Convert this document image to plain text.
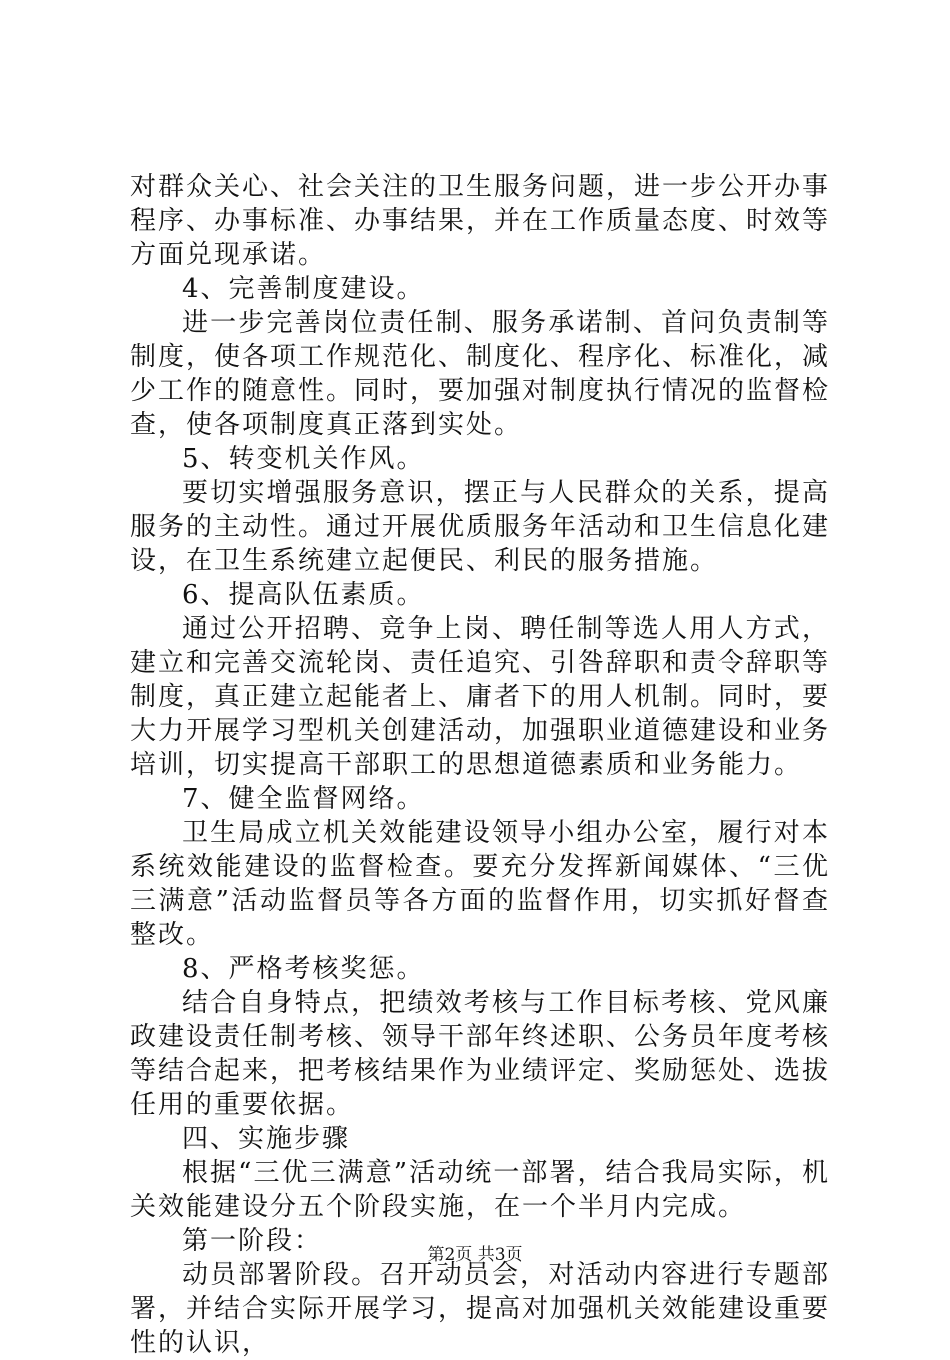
对群众关心、社会关注的卫生服务问题，进一步公开办事程序、办事标准、办事结果，并在工作质量态度、时效等方面兑现承诺。

4、完善制度建设。

进一步完善岗位责任制、服务承诺制、首问负责制等制度，使各项工作规范化、制度化、程序化、标准化，减少工作的随意性。同时，要加强对制度执行情况的监督检查，使各项制度真正落到实处。

5、转变机关作风。

要切实增强服务意识，摆正与人民群众的关系，提高服务的主动性。通过开展优质服务年活动和卫生信息化建设，在卫生系统建立起便民、利民的服务措施。

6、提高队伍素质。

通过公开招聘、竞争上岗、聘任制等选人用人方式，建立和完善交流轮岗、责任追究、引咎辞职和责令辞职等制度，真正建立起能者上、庸者下的用人机制。同时，要大力开展学习型机关创建活动，加强职业道德建设和业务培训，切实提高干部职工的思想道德素质和业务能力。

7、健全监督网络。

卫生局成立机关效能建设领导小组办公室，履行对本系统效能建设的监督检查。要充分发挥新闻媒体、“三优三满意”活动监督员等各方面的监督作用，切实抓好督查整改。

8、严格考核奖惩。

结合自身特点，把绩效考核与工作目标考核、党风廉政建设责任制考核、领导干部年终述职、公务员年度考核等结合起来，把考核结果作为业绩评定、奖励惩处、选拔任用的重要依据。

四、实施步骤

根据“三优三满意”活动统一部署，结合我局实际，机关效能建设分五个阶段实施，在一个半月内完成。

第一阶段：

动员部署阶段。召开动员会，对活动内容进行专题部署，并结合实际开展学习，提高对加强机关效能建设重要性的认识，

第2页 共3页
